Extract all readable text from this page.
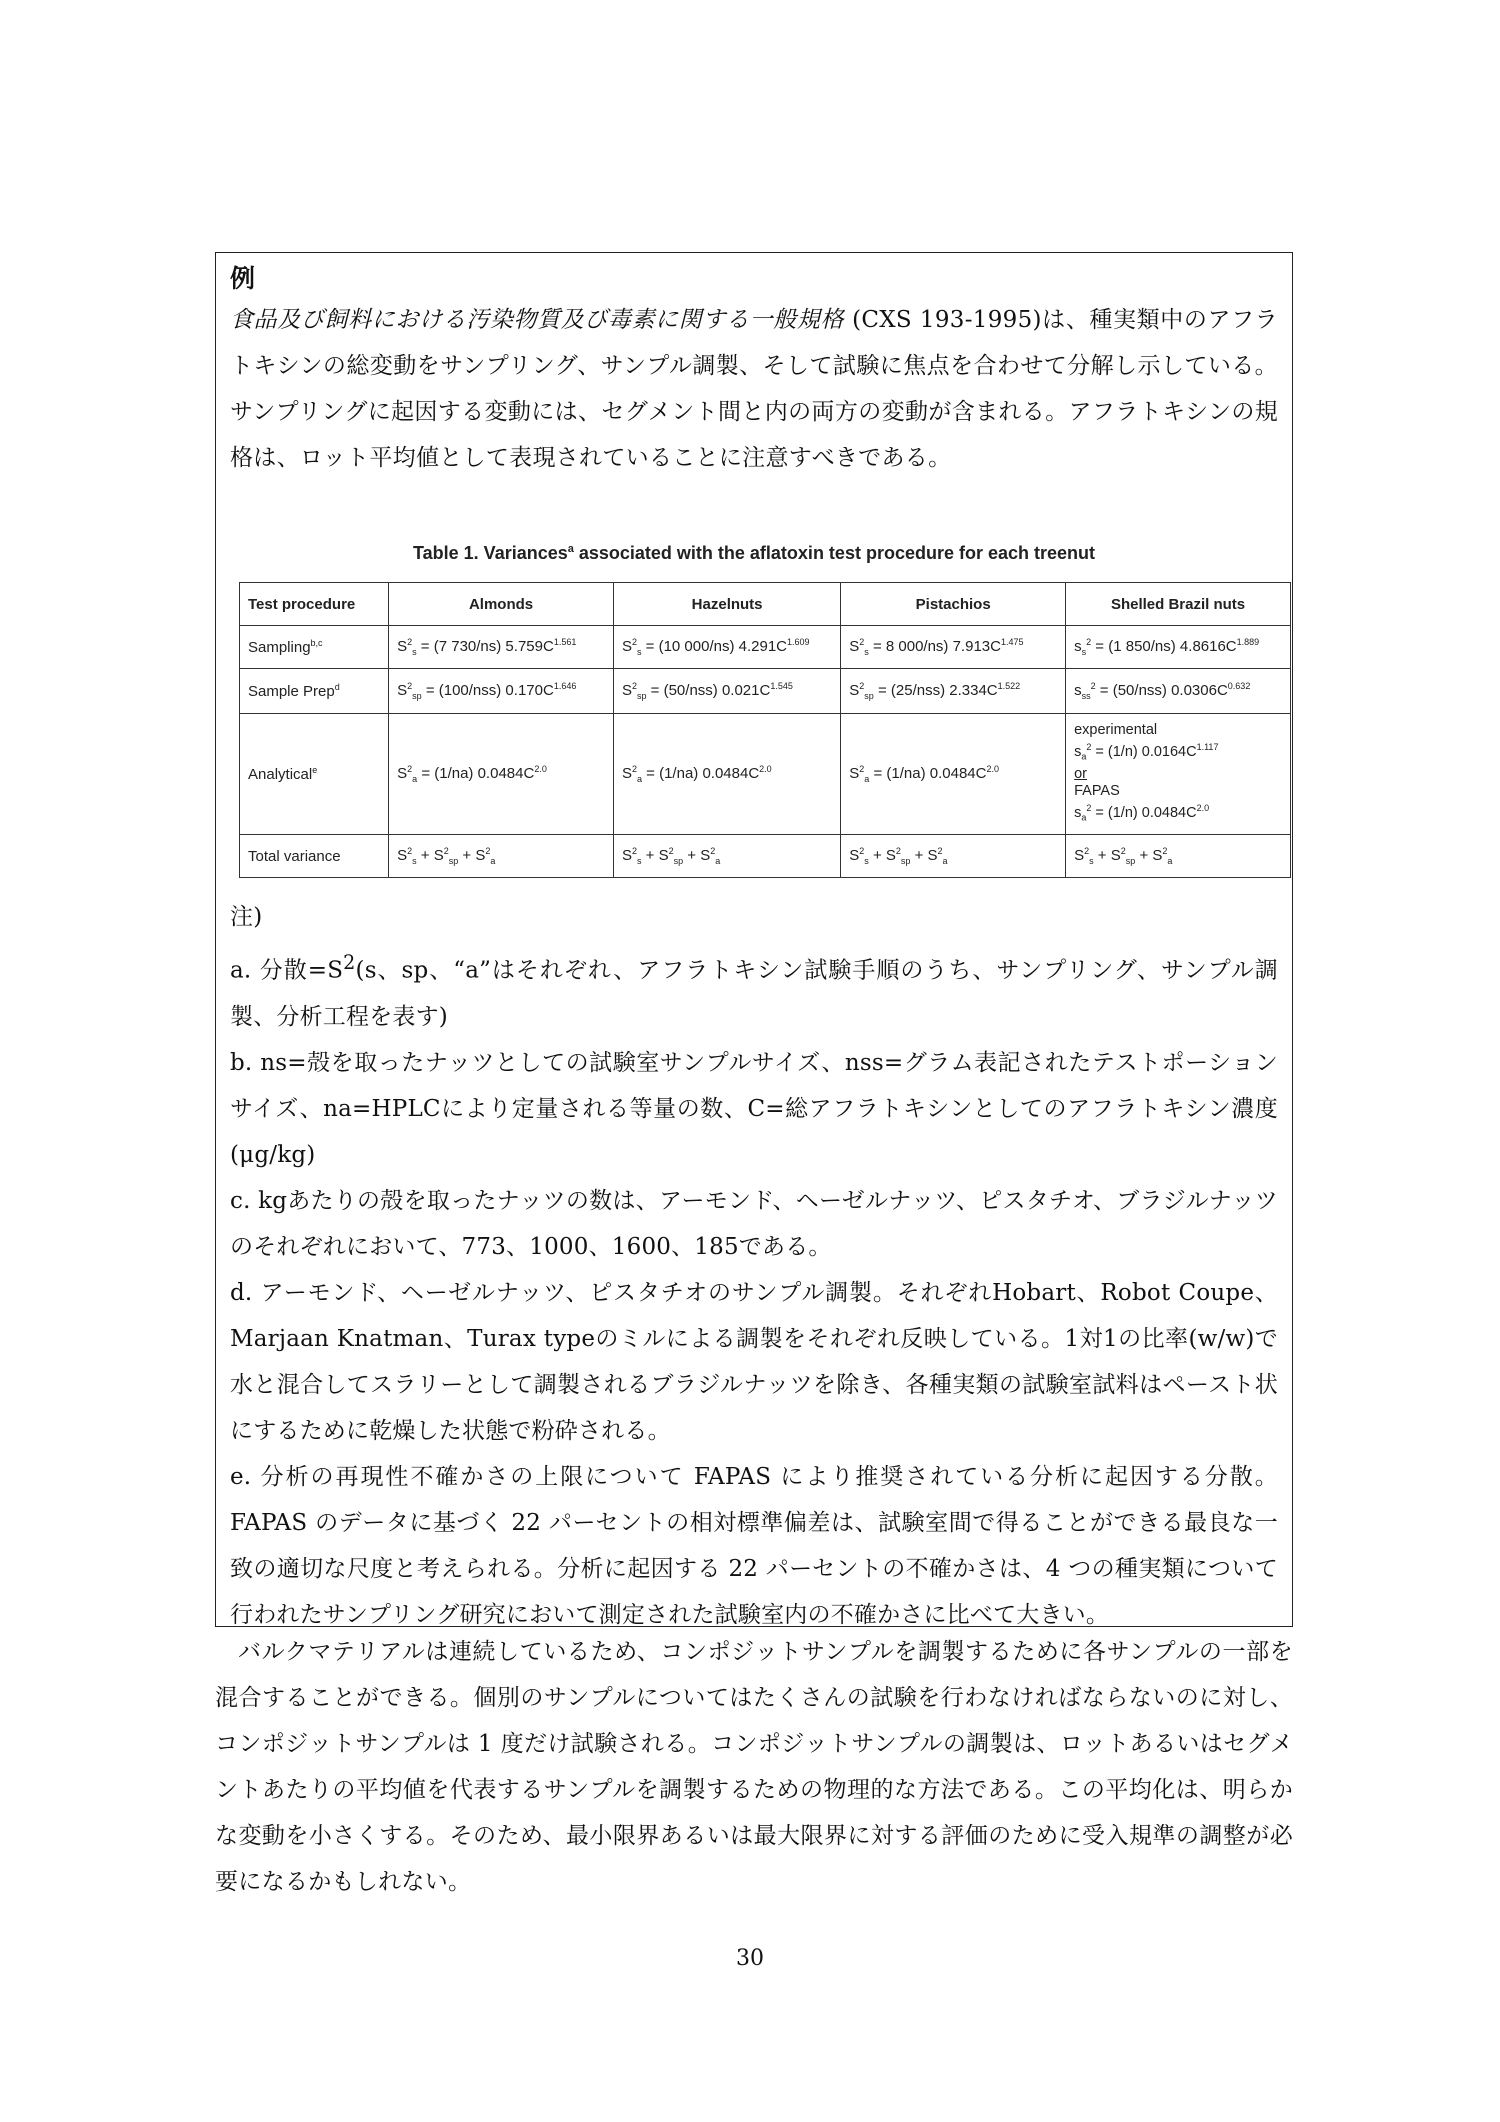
例
食品及び飼料における汚染物質及び毒素に関する一般規格 (CXS 193-1995)は、種実類中のアフラトキシンの総変動をサンプリング、サンプル調製、そして試験に焦点を合わせて分解し示している。サンプリングに起因する変動には、セグメント間と内の両方の変動が含まれる。アフラトキシンの規格は、ロット平均値として表現されていることに注意すべきである。
Table 1. Variances$^a$ associated with the aflatoxin test procedure for each treenut
Test procedure	Almonds	Hazelnuts	Pistachios	Shelled Brazil nuts
Sampling$^{b,c}$	$S^2_s = (7$ 730/ns) $5.759C^{1.561}$	$S^2_s = (10$ 000/ns) $4.291C^{1.609}$	$S^2_s = 8$ 000/ns) $7.913C^{1.475}$	$s_s^2 = (1$ 850/ns) $4.8616C^{1.889}$
Sample Prep$^d$	$S^2_{sp} = (100/nss)$ $0.170C^{1.646}$	$S^2_{sp} = (50/nss)$ $0.021C^{1.545}$	$S^2_{sp} = (25/nss)$ $2.334C^{1.522}$	$s_{ss}^2 = (50/nss)$ $0.0306C^{0.632}$
Analytical$^e$	$S^2_a = (1/na)$ $0.0484C^{2.0}$	$S^2_a = (1/na)$ $0.0484C^{2.0}$	$S^2_a = (1/na)$ $0.0484C^{2.0}$	experimental
$s_a^2 = (1/n)$ $0.0164C^{1.117}$
or
FAPAS
$s_a^2 = (1/n)$ $0.0484C^{2.0}$

Total variance	$S^2_s + S^2_{sp} + S^2_a$	$S^2_s + S^2_{sp} + S^2_a$	$S^2_s + S^2_{sp} + S^2_a$	$S^2_s + S^2_{sp} + S^2_a$

注)

a. 分散$=S^2(s$、sp、“a”はそれぞれ、アフラトキシン試験手順のうち、サンプリング、サンプル調製、分析工程を表す)

b. ns=殻を取ったナッツとしての試験室サンプルサイズ、nss=グラム表記されたテストポーションサイズ、na=HPLCにより定量される等量の数、C=総アフラトキシンとしてのアフラトキシン濃度(μg/kg)

c. kgあたりの殻を取ったナッツの数は、アーモンド、ヘーゼルナッツ、ピスタチオ、ブラジルナッツのそれぞれにおいて、773、1000、1600、185である。

d. アーモンド、ヘーゼルナッツ、ピスタチオのサンプル調製。それぞれHobart、Robot Coupe、Marjaan Knatman、Turax typeのミルによる調製をそれぞれ反映している。1対1の比率(w/w)で水と混合してスラリーとして調製されるブラジルナッツを除き、各種実類の試験室試料はペースト状にするために乾燥した状態で粉砕される。

e. 分析の再現性不確かさの上限について FAPAS により推奨されている分析に起因する分散。FAPAS のデータに基づく 22 パーセントの相対標準偏差は、試験室間で得ることができる最良な一致の適切な尺度と考えられる。分析に起因する 22 パーセントの不確かさは、4 つの種実類について行われたサンプリング研究において測定された試験室内の不確かさに比べて大きい。

バルクマテリアルは連続しているため、コンポジットサンプルを調製するために各サンプルの一部を混合することができる。個別のサンプルについてはたくさんの試験を行わなければならないのに対し、コンポジットサンプルは 1 度だけ試験される。コンポジットサンプルの調製は、ロットあるいはセグメントあたりの平均値を代表するサンプルを調製するための物理的な方法である。この平均化は、明らかな変動を小さくする。そのため、最小限界あるいは最大限界に対する評価のために受入規準の調整が必要になるかもしれない。

30
